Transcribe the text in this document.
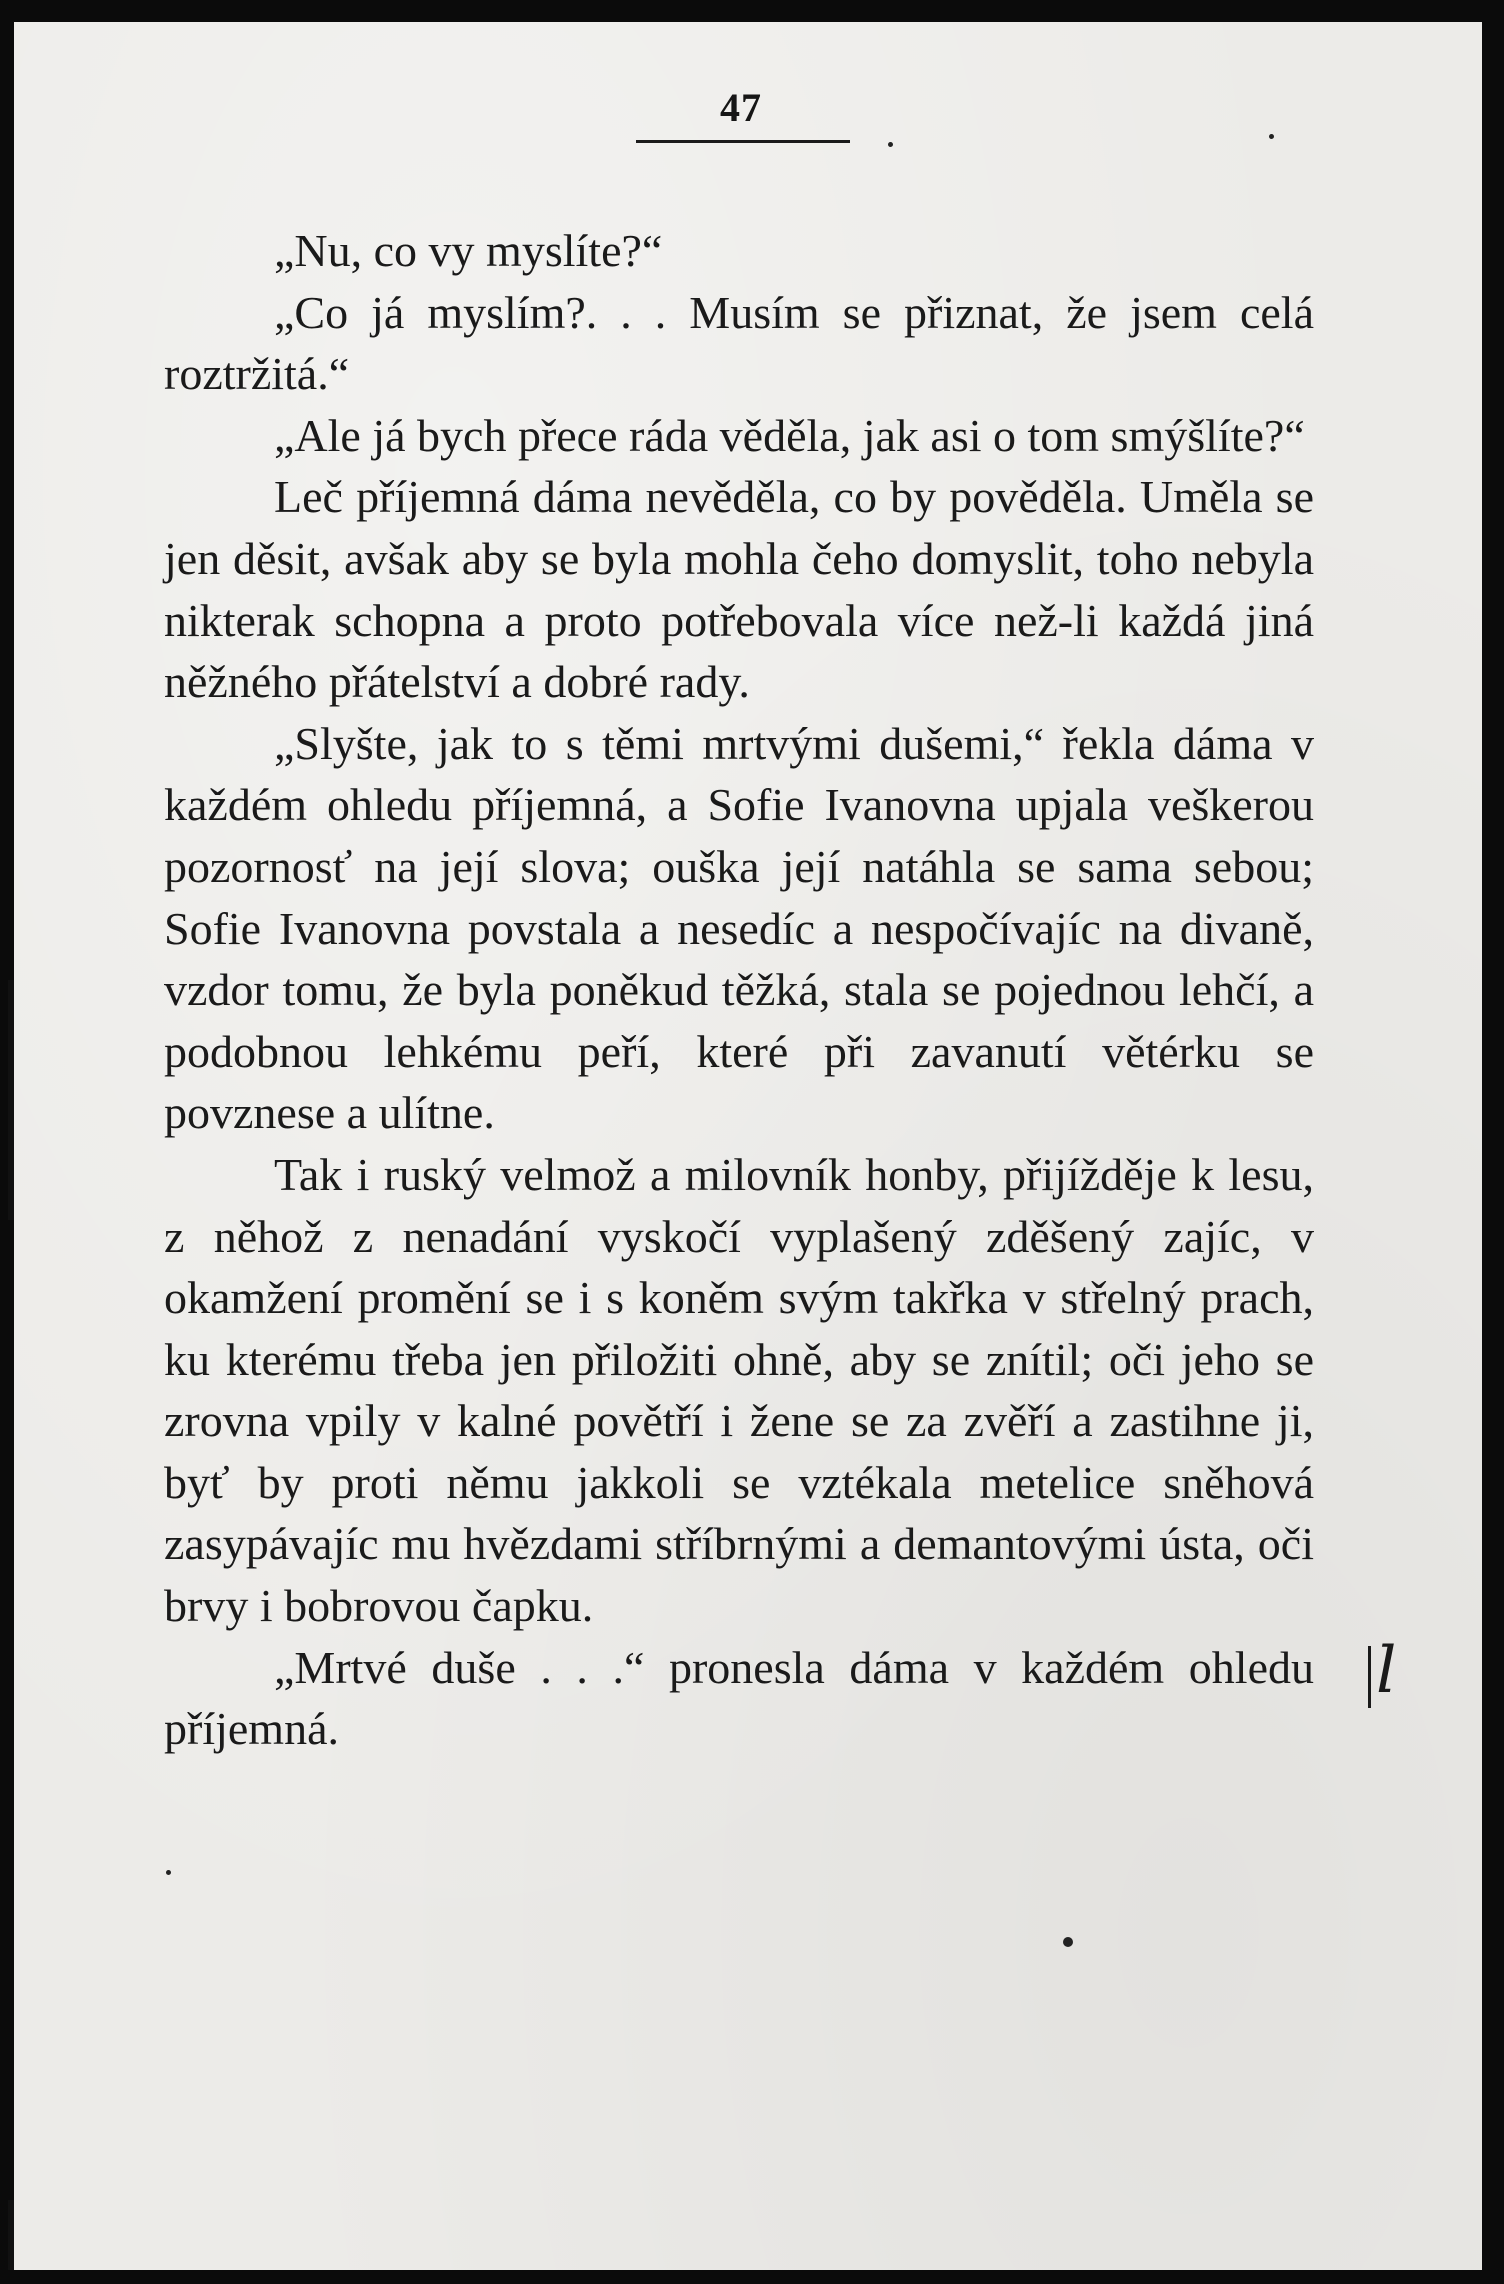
47

„Nu, co vy myslíte?“

„Co já myslím?. . . Musím se přiznat, že jsem celá roztržitá.“

„Ale já bych přece ráda věděla, jak asi o tom smýšlíte?“

Leč příjemná dáma nevěděla, co by pověděla. Uměla se jen děsit, avšak aby se byla mohla čeho domyslit, toho nebyla nikterak schopna a proto potřebovala více než-li každá jiná něžného přátelství a dobré rady.

„Slyšte, jak to s těmi mrtvými dušemi,“ řekla dáma v každém ohledu příjemná, a Sofie Ivanovna upjala veškerou pozornosť na její slova; ouška její natáhla se sama sebou; Sofie Ivanovna povstala a nesedíc a nespočívajíc na divaně, vzdor tomu, že byla poněkud těžká, stala se pojednou lehčí, a podobnou lehkému peří, které při zavanutí větérku se povznese a ulítne.

Tak i ruský velmož a milovník honby, přijížděje k lesu, z něhož z nenadání vyskočí vyplašený zděšený zajíc, v okamžení promění se i s koněm svým takřka v střelný prach, ku kterému třeba jen přiložiti ohně, aby se znítil; oči jeho se zrovna vpily v kalné povětří i žene se za zvěří a zastihne ji, byť by proti němu jakkoli se vztékala metelice sněhová zasypávajíc mu hvězdami stříbrnými a demantovými ústa, oči brvy i bobrovou čapku.

„Mrtvé duše . . .“ pronesla dáma v každém ohledu příjemná.

l
